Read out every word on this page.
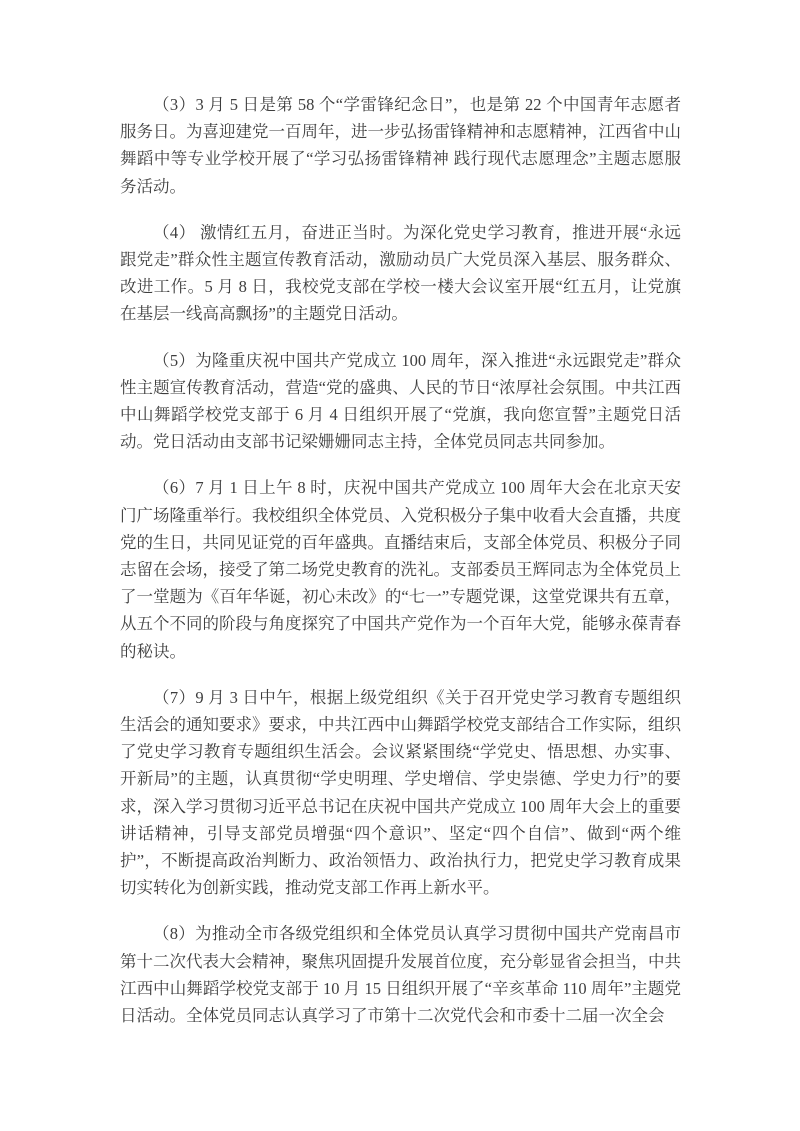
（3）3 月 5 日是第 58 个“学雷锋纪念日”，也是第 22 个中国青年志愿者服务日。为喜迎建党一百周年，进一步弘扬雷锋精神和志愿精神，江西省中山舞蹈中等专业学校开展了“学习弘扬雷锋精神 践行现代志愿理念”主题志愿服务活动。

（4） 激情红五月，奋进正当时。为深化党史学习教育，推进开展“永远跟党走”群众性主题宣传教育活动，激励动员广大党员深入基层、服务群众、改进工作。5 月 8 日，我校党支部在学校一楼大会议室开展“红五月，让党旗在基层一线高高飘扬”的主题党日活动。

（5）为隆重庆祝中国共产党成立 100 周年，深入推进“永远跟党走”群众性主题宣传教育活动，营造“党的盛典、人民的节日“浓厚社会氛围。中共江西中山舞蹈学校党支部于 6 月 4 日组织开展了“党旗，我向您宣誓”主题党日活动。党日活动由支部书记梁姗姗同志主持，全体党员同志共同参加。

（6）7 月 1 日上午 8 时，庆祝中国共产党成立 100 周年大会在北京天安门广场隆重举行。我校组织全体党员、入党积极分子集中收看大会直播，共度党的生日，共同见证党的百年盛典。直播结束后，支部全体党员、积极分子同志留在会场，接受了第二场党史教育的洗礼。支部委员王辉同志为全体党员上了一堂题为《百年华诞，初心未改》的“七一”专题党课，这堂党课共有五章，从五个不同的阶段与角度探究了中国共产党作为一个百年大党，能够永葆青春的秘诀。

（7）9 月 3 日中午，根据上级党组织《关于召开党史学习教育专题组织生活会的通知要求》要求，中共江西中山舞蹈学校党支部结合工作实际，组织了党史学习教育专题组织生活会。会议紧紧围绕“学党史、悟思想、办实事、开新局”的主题，认真贯彻“学史明理、学史增信、学史崇德、学史力行”的要求，深入学习贯彻习近平总书记在庆祝中国共产党成立 100 周年大会上的重要讲话精神，引导支部党员增强“四个意识”、坚定“四个自信”、做到“两个维护”，不断提高政治判断力、政治领悟力、政治执行力，把党史学习教育成果切实转化为创新实践，推动党支部工作再上新水平。

（8）为推动全市各级党组织和全体党员认真学习贯彻中国共产党南昌市第十二次代表大会精神，聚焦巩固提升发展首位度，充分彰显省会担当，中共江西中山舞蹈学校党支部于 10 月 15 日组织开展了“辛亥革命 110 周年”主题党日活动。全体党员同志认真学习了市第十二次党代会和市委十二届一次全会
